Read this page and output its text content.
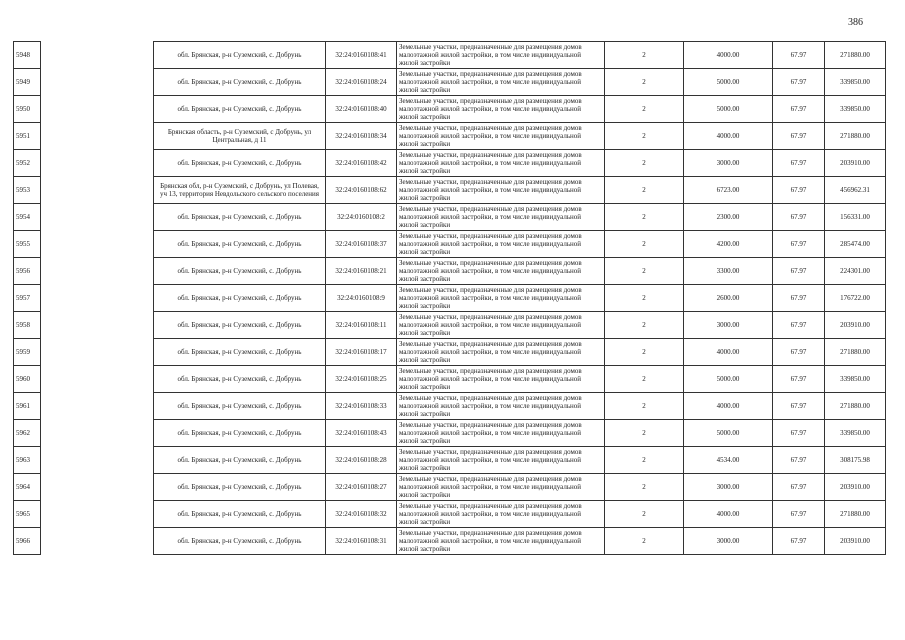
386
5948		обл. Брянская, р-н Суземский, с. Добрунь	32:24:0160108:41	Земельные участки, предназначенные для размещения домов малоэтажной жилой застройки, в том числе индивидуальной жилой застройки	2	4000.00	67.97	271880.00
5949		обл. Брянская, р-н Суземский, с. Добрунь	32:24:0160108:24	Земельные участки, предназначенные для размещения домов малоэтажной жилой застройки, в том числе индивидуальной жилой застройки	2	5000.00	67.97	339850.00
5950		обл. Брянская, р-н Суземский, с. Добрунь	32:24:0160108:40	Земельные участки, предназначенные для размещения домов малоэтажной жилой застройки, в том числе индивидуальной жилой застройки	2	5000.00	67.97	339850.00
5951		Брянская область, р-н Суземский, с Добрунь, ул Центральная, д 11	32:24:0160108:34	Земельные участки, предназначенные для размещения домов малоэтажной жилой застройки, в том числе индивидуальной жилой застройки	2	4000.00	67.97	271880.00
5952		обл. Брянская, р-н Суземский, с. Добрунь	32:24:0160108:42	Земельные участки, предназначенные для размещения домов малоэтажной жилой застройки, в том числе индивидуальной жилой застройки	2	3000.00	67.97	203910.00
5953		Брянская обл, р-н Суземский, с Добрунь, ул Полевая, уч 13, территория Невдольского сельского поселения	32:24:0160108:62	Земельные участки, предназначенные для размещения домов малоэтажной жилой застройки, в том числе индивидуальной жилой застройки	2	6723.00	67.97	456962.31
5954		обл. Брянская, р-н Суземский, с. Добрунь	32:24:0160108:2	Земельные участки, предназначенные для размещения домов малоэтажной жилой застройки, в том числе индивидуальной жилой застройки	2	2300.00	67.97	156331.00
5955		обл. Брянская, р-н Суземский, с. Добрунь	32:24:0160108:37	Земельные участки, предназначенные для размещения домов малоэтажной жилой застройки, в том числе индивидуальной жилой застройки	2	4200.00	67.97	285474.00
5956		обл. Брянская, р-н Суземский, с. Добрунь	32:24:0160108:21	Земельные участки, предназначенные для размещения домов малоэтажной жилой застройки, в том числе индивидуальной жилой застройки	2	3300.00	67.97	224301.00
5957		обл. Брянская, р-н Суземский, с. Добрунь	32:24:0160108:9	Земельные участки, предназначенные для размещения домов малоэтажной жилой застройки, в том числе индивидуальной жилой застройки	2	2600.00	67.97	176722.00
5958		обл. Брянская, р-н Суземский, с. Добрунь	32:24:0160108:11	Земельные участки, предназначенные для размещения домов малоэтажной жилой застройки, в том числе индивидуальной жилой застройки	2	3000.00	67.97	203910.00
5959		обл. Брянская, р-н Суземский, с. Добрунь	32:24:0160108:17	Земельные участки, предназначенные для размещения домов малоэтажной жилой застройки, в том числе индивидуальной жилой застройки	2	4000.00	67.97	271880.00
5960		обл. Брянская, р-н Суземский, с. Добрунь	32:24:0160108:25	Земельные участки, предназначенные для размещения домов малоэтажной жилой застройки, в том числе индивидуальной жилой застройки	2	5000.00	67.97	339850.00
5961		обл. Брянская, р-н Суземский, с. Добрунь	32:24:0160108:33	Земельные участки, предназначенные для размещения домов малоэтажной жилой застройки, в том числе индивидуальной жилой застройки	2	4000.00	67.97	271880.00
5962		обл. Брянская, р-н Суземский, с. Добрунь	32:24:0160108:43	Земельные участки, предназначенные для размещения домов малоэтажной жилой застройки, в том числе индивидуальной жилой застройки	2	5000.00	67.97	339850.00
5963		обл. Брянская, р-н Суземский, с. Добрунь	32:24:0160108:28	Земельные участки, предназначенные для размещения домов малоэтажной жилой застройки, в том числе индивидуальной жилой застройки	2	4534.00	67.97	308175.98
5964		обл. Брянская, р-н Суземский, с. Добрунь	32:24:0160108:27	Земельные участки, предназначенные для размещения домов малоэтажной жилой застройки, в том числе индивидуальной жилой застройки	2	3000.00	67.97	203910.00
5965		обл. Брянская, р-н Суземский, с. Добрунь	32:24:0160108:32	Земельные участки, предназначенные для размещения домов малоэтажной жилой застройки, в том числе индивидуальной жилой застройки	2	4000.00	67.97	271880.00
5966		обл. Брянская, р-н Суземский, с. Добрунь	32:24:0160108:31	Земельные участки, предназначенные для размещения домов малоэтажной жилой застройки, в том числе индивидуальной жилой застройки	2	3000.00	67.97	203910.00
